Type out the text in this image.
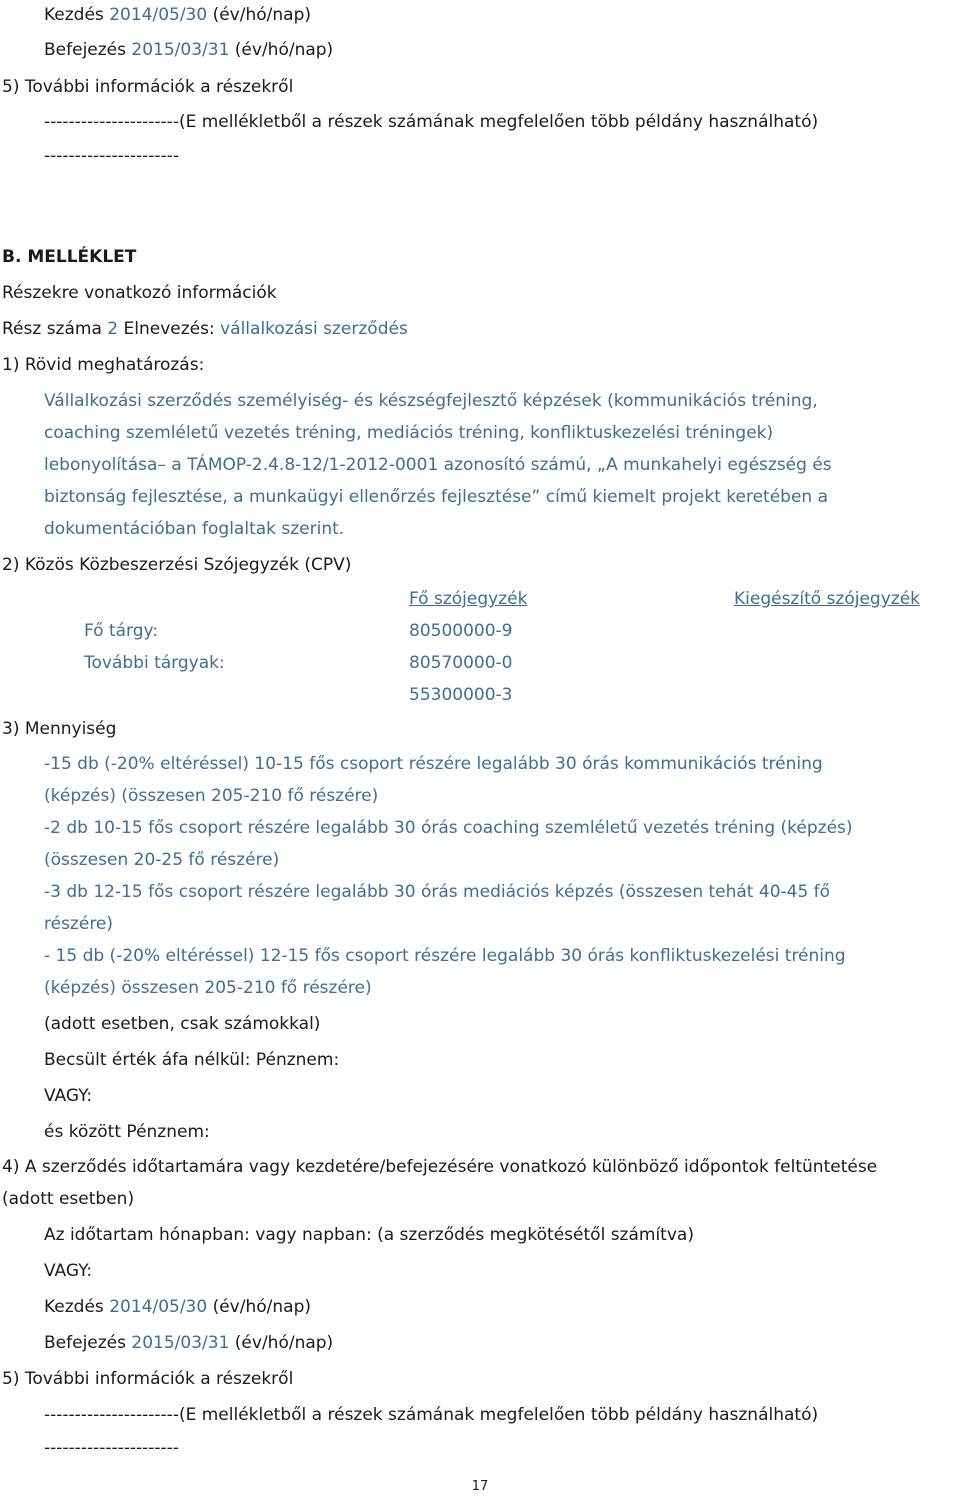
Kezdés 2014/05/30 (év/hó/nap)
Befejezés 2015/03/31 (év/hó/nap)
5) További információk a részekről
----------------------(E mellékletből a részek számának megfelelően több példány használható)
----------------------
B. MELLÉKLET
Részekre vonatkozó információk
Rész száma 2 Elnevezés: vállalkozási szerződés
1) Rövid meghatározás:
Vállalkozási szerződés személyiség- és készségfejlesztő képzések (kommunikációs tréning,
coaching szemléletű vezetés tréning, mediációs tréning, konfliktuskezelési tréningek)
lebonyolítása– a TÁMOP-2.4.8-12/1-2012-0001 azonosító számú, „A munkahelyi egészség és
biztonság fejlesztése, a munkaügyi ellenőrzés fejlesztése” című kiemelt projekt keretében a
dokumentációban foglaltak szerint.
2) Közös Közbeszerzési Szójegyzék (CPV)
Fő szójegyzék	Kiegészítő szójegyzék
Fő tárgy:	80500000-9
További tárgyak:	80570000-0
55300000-3
3) Mennyiség
-15 db (-20% eltéréssel) 10-15 fős csoport részére legalább 30 órás kommunikációs tréning
(képzés) (összesen 205-210 fő részére)
-2 db 10-15 fős csoport részére legalább 30 órás coaching szemléletű vezetés tréning (képzés)
(összesen 20-25 fő részére)
-3 db 12-15 fős csoport részére legalább 30 órás mediációs képzés (összesen tehát 40-45 fő
részére)
- 15 db (-20% eltéréssel) 12-15 fős csoport részére legalább 30 órás konfliktuskezelési tréning
(képzés) összesen 205-210 fő részére)
(adott esetben, csak számokkal)
Becsült érték áfa nélkül: Pénznem:
VAGY:
és között Pénznem:
4) A szerződés időtartamára vagy kezdetére/befejezésére vonatkozó különböző időpontok feltüntetése
(adott esetben)
Az időtartam hónapban: vagy napban: (a szerződés megkötésétől számítva)
VAGY:
Kezdés 2014/05/30 (év/hó/nap)
Befejezés 2015/03/31 (év/hó/nap)
5) További információk a részekről
----------------------(E mellékletből a részek számának megfelelően több példány használható)
----------------------
17
